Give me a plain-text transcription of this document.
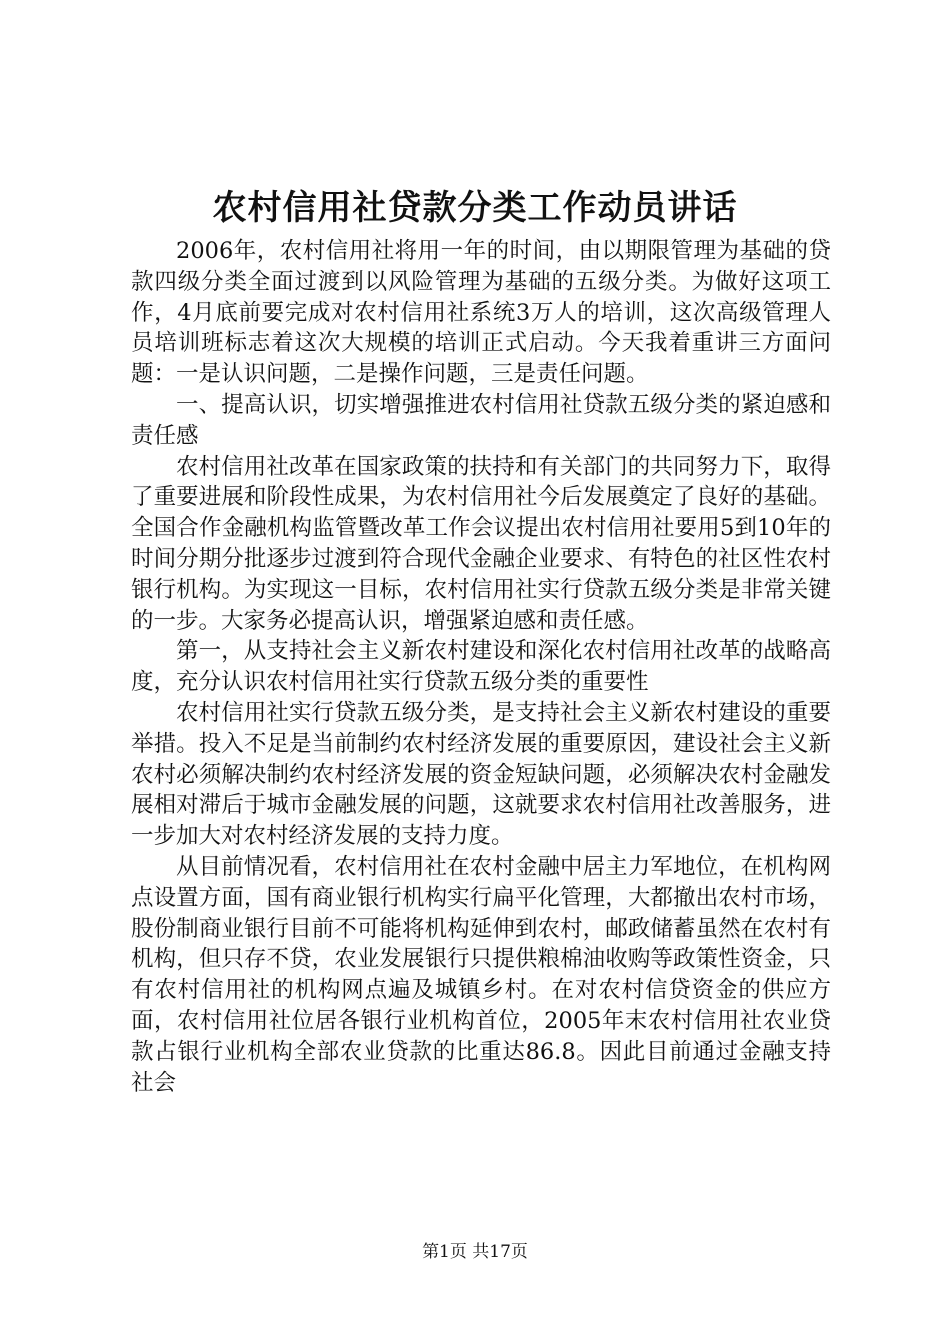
农村信用社贷款分类工作动员讲话

2006年，农村信用社将用一年的时间，由以期限管理为基础的贷款四级分类全面过渡到以风险管理为基础的五级分类。为做好这项工作，4月底前要完成对农村信用社系统3万人的培训，这次高级管理人员培训班标志着这次大规模的培训正式启动。今天我着重讲三方面问题：一是认识问题，二是操作问题，三是责任问题。

一、提高认识，切实增强推进农村信用社贷款五级分类的紧迫感和责任感

农村信用社改革在国家政策的扶持和有关部门的共同努力下，取得了重要进展和阶段性成果，为农村信用社今后发展奠定了良好的基础。全国合作金融机构监管暨改革工作会议提出农村信用社要用5到10年的时间分期分批逐步过渡到符合现代金融企业要求、有特色的社区性农村银行机构。为实现这一目标，农村信用社实行贷款五级分类是非常关键的一步。大家务必提高认识，增强紧迫感和责任感。

第一，从支持社会主义新农村建设和深化农村信用社改革的战略高度，充分认识农村信用社实行贷款五级分类的重要性

农村信用社实行贷款五级分类，是支持社会主义新农村建设的重要举措。投入不足是当前制约农村经济发展的重要原因，建设社会主义新农村必须解决制约农村经济发展的资金短缺问题，必须解决农村金融发展相对滞后于城市金融发展的问题，这就要求农村信用社改善服务，进一步加大对农村经济发展的支持力度。

从目前情况看，农村信用社在农村金融中居主力军地位，在机构网点设置方面，国有商业银行机构实行扁平化管理，大都撤出农村市场，股份制商业银行目前不可能将机构延伸到农村，邮政储蓄虽然在农村有机构，但只存不贷，农业发展银行只提供粮棉油收购等政策性资金，只有农村信用社的机构网点遍及城镇乡村。在对农村信贷资金的供应方面，农村信用社位居各银行业机构首位，2005年末农村信用社农业贷款占银行业机构全部农业贷款的比重达86.8。因此目前通过金融支持社会

第1页 共17页
